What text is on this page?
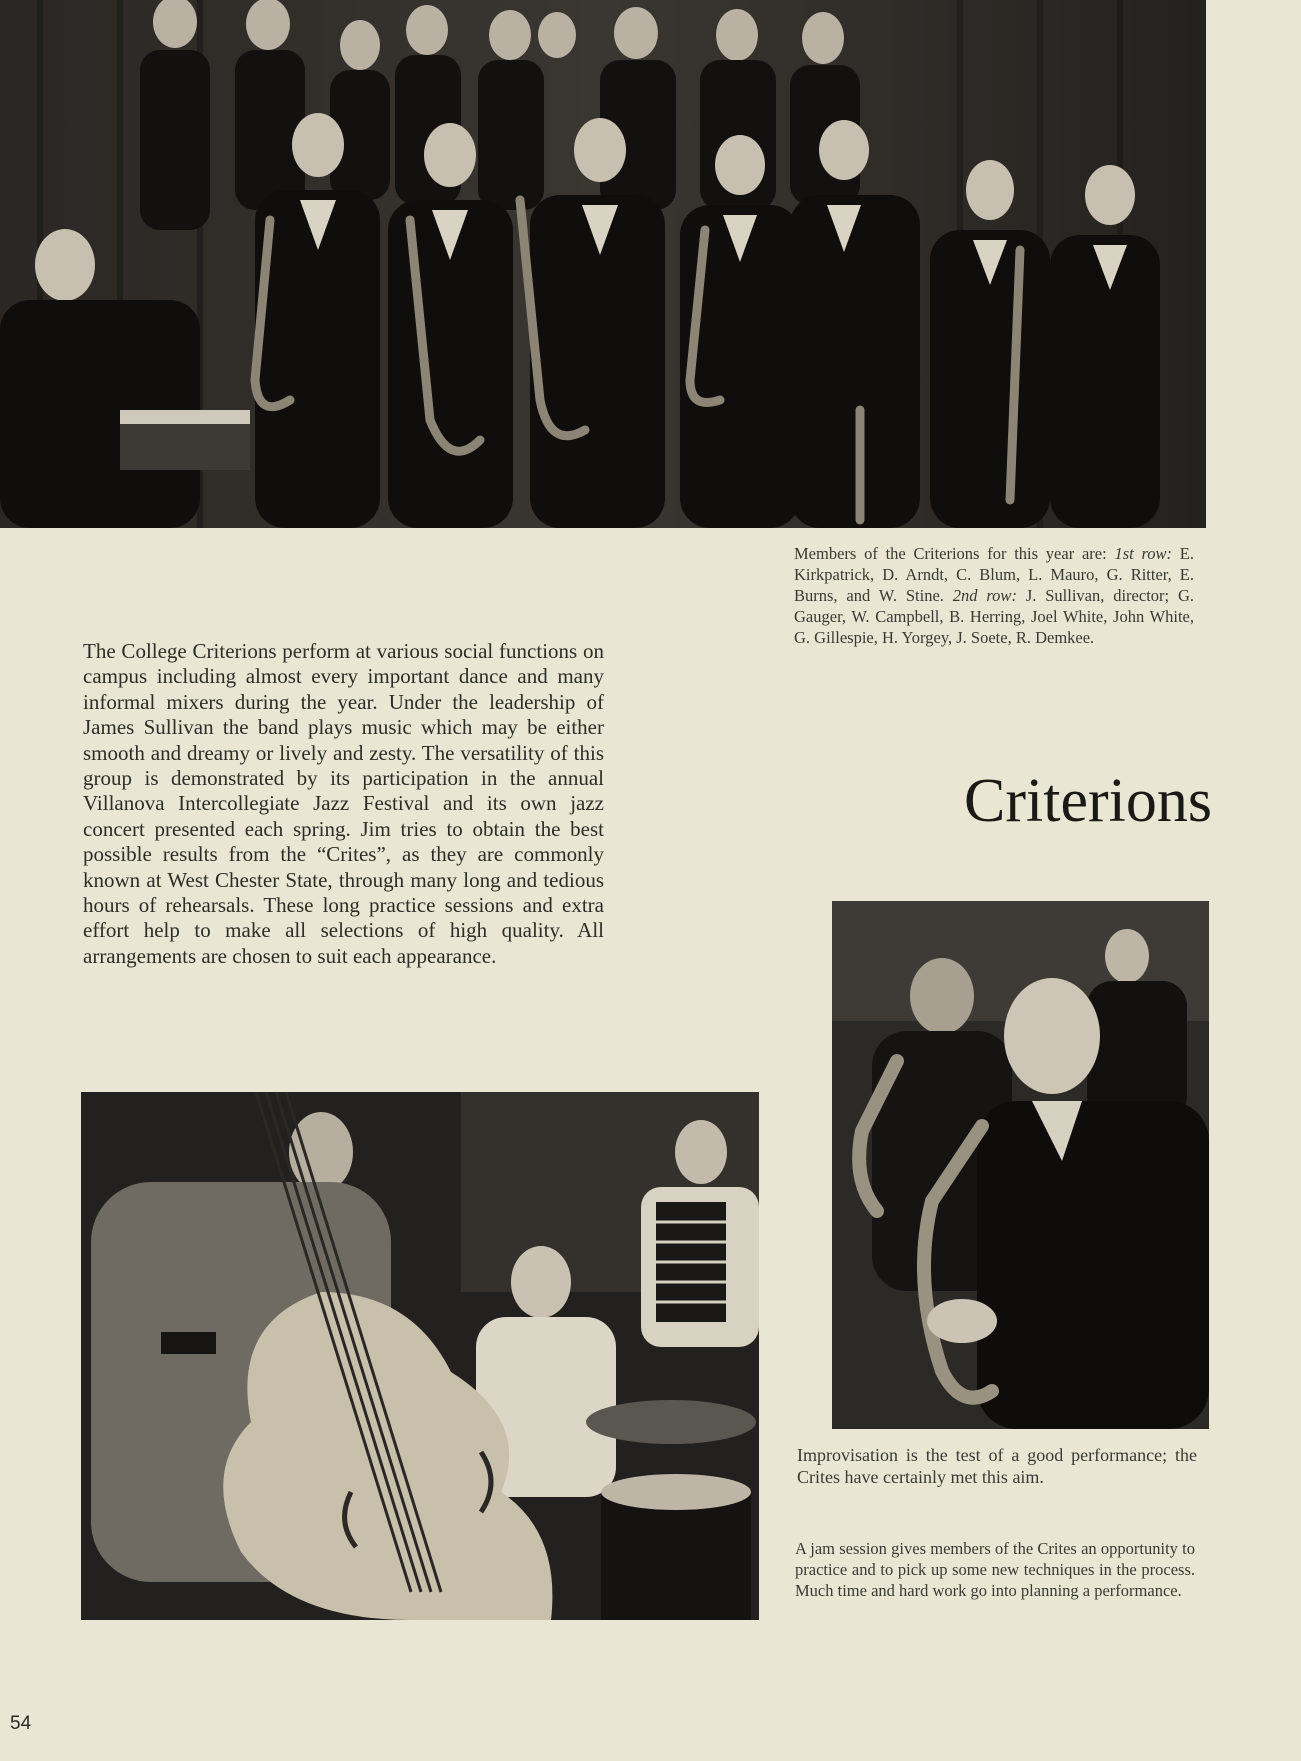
Members of the Criterions for this year are: 1st row: E. Kirkpatrick, D. Arndt, C. Blum, L. Mauro, G. Ritter, E. Burns, and W. Stine. 2nd row: J. Sullivan, director; G. Gauger, W. Campbell, B. Herring, Joel White, John White, G. Gillespie, H. Yorgey, J. Soete, R. Demkee.

The College Criterions perform at various social functions on campus including almost every important dance and many informal mixers during the year. Under the leadership of James Sullivan the band plays music which may be either smooth and dreamy or lively and zesty. The versatility of this group is demonstrated by its participation in the annual Villanova Intercollegiate Jazz Festival and its own jazz concert presented each spring. Jim tries to obtain the best possible results from the “Crites”, as they are commonly known at West Chester State, through many long and tedious hours of rehearsals. These long practice sessions and extra effort help to make all selections of high quality. All arrangements are chosen to suit each appearance.

Criterions

Improvisation is the test of a good performance; the Crites have certainly met this aim.

A jam session gives members of the Crites an opportunity to practice and to pick up some new techniques in the process. Much time and hard work go into planning a performance.

54
